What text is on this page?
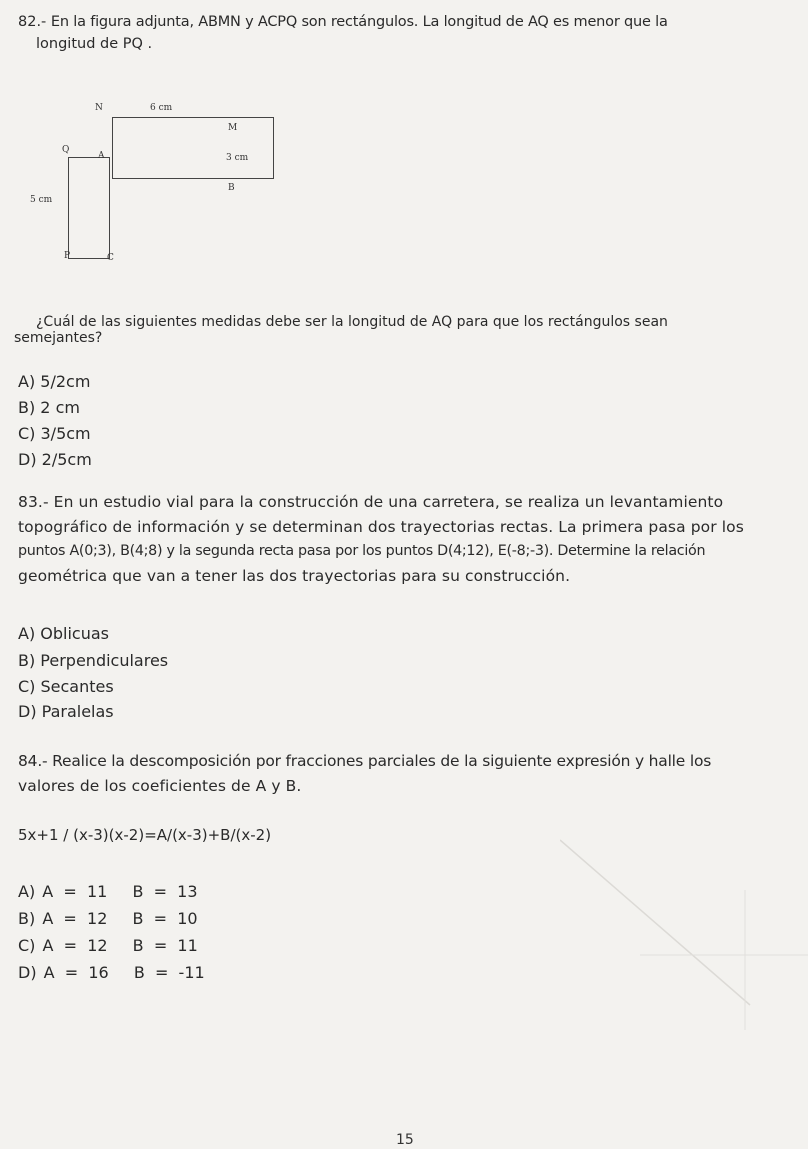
82.- En la figura adjunta, ABMN y ACPQ son rectángulos. La longitud de AQ es menor que la
longitud de PQ .
N	6 cm
M
Q
A	3 cm
B
5 cm
P	C
¿Cuál de las siguientes medidas debe ser la longitud de AQ para que los rectángulos sean
semejantes?
A) 5/2cm
B) 2 cm
C) 3/5cm
D) 2/5cm
83.- En un estudio vial para la construcción de una carretera, se realiza un levantamiento
topográfico de información y se determinan dos trayectorias rectas. La primera pasa por los
puntos A(0;3), B(4;8) y la segunda recta pasa por los puntos D(4;12), E(-8;-3). Determine la relación
geométrica que van a tener las dos trayectorias para su construcción.
A) Oblicuas
B) Perpendiculares
C) Secantes
D) Paralelas
84.- Realice la descomposición por fracciones parciales de la siguiente expresión y halle los
valores de los coeficientes de A y B.
5x+1 / (x-3)(x-2)=A/(x-3)+B/(x-2)
A) A  =  11 B  =  13
B) A  =  12 B  =  10
C) A  =  12 B  =  11
D) A  =  16 B  =  -11
15
